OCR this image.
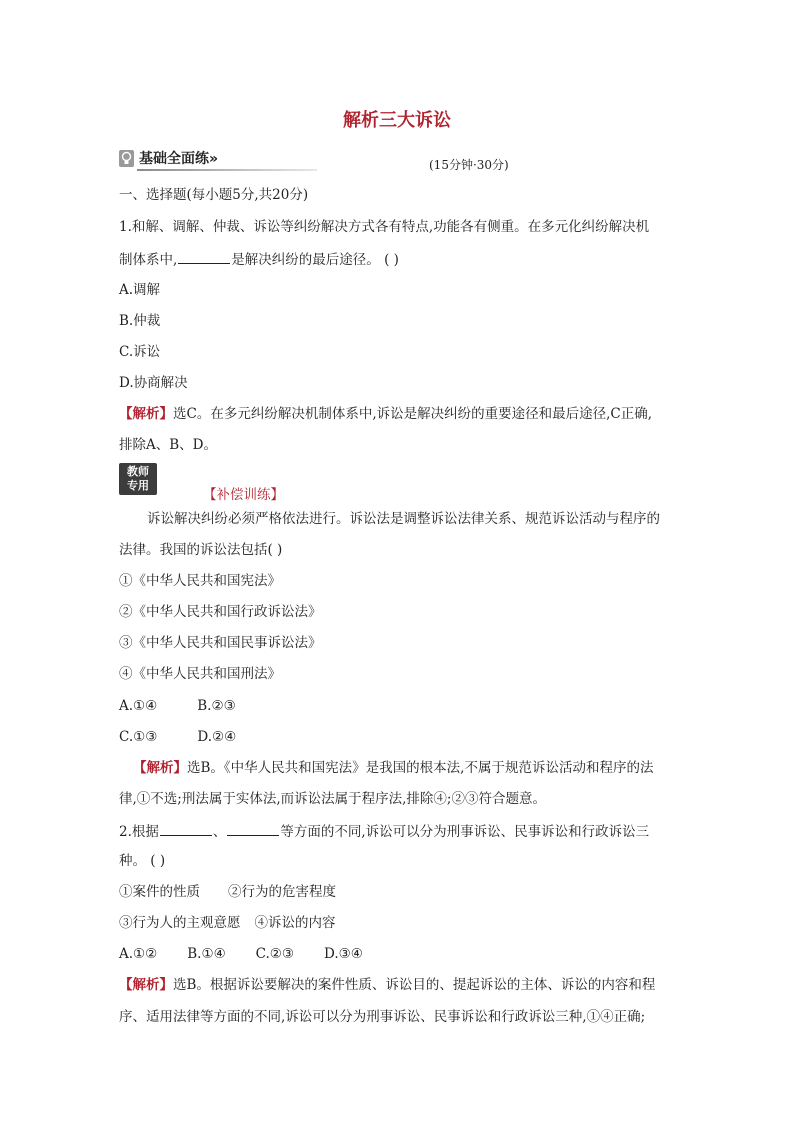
解析三大诉讼
基础全面练»	(15分钟·30分)
一、选择题(每小题5分,共20分)
1.和解、调解、仲裁、诉讼等纠纷解决方式各有特点,功能各有侧重。在多元化纠纷解决机
制体系中,	是解决纠纷的最后途径。 ( )
A.调解
B.仲裁
C.诉讼
D.协商解决
【解析】选C。在多元纠纷解决机制体系中,诉讼是解决纠纷的重要途径和最后途径,C正确,
排除A、B、D。
教师
专用
【补偿训练】
诉讼解决纠纷必须严格依法进行。诉讼法是调整诉讼法律关系、规范诉讼活动与程序的
法律。我国的诉讼法包括( )
①《中华人民共和国宪法》
②《中华人民共和国行政诉讼法》
③《中华人民共和国民事诉讼法》
④《中华人民共和国刑法》
A.①④	B.②③
C.①③	D.②④
【解析】选B。《中华人民共和国宪法》是我国的根本法,不属于规范诉讼活动和程序的法
律,①不选;刑法属于实体法,而诉讼法属于程序法,排除④;②③符合题意。
2.根据	、	等方面的不同,诉讼可以分为刑事诉讼、民事诉讼和行政诉讼三
种。 ( )
①案件的性质 ②行为的危害程度
③行为人的主观意愿 ④诉讼的内容
A.①② B.①④ C.②③ D.③④
【解析】选B。根据诉讼要解决的案件性质、诉讼目的、提起诉讼的主体、诉讼的内容和程
序、适用法律等方面的不同,诉讼可以分为刑事诉讼、民事诉讼和行政诉讼三种,①④正确;
